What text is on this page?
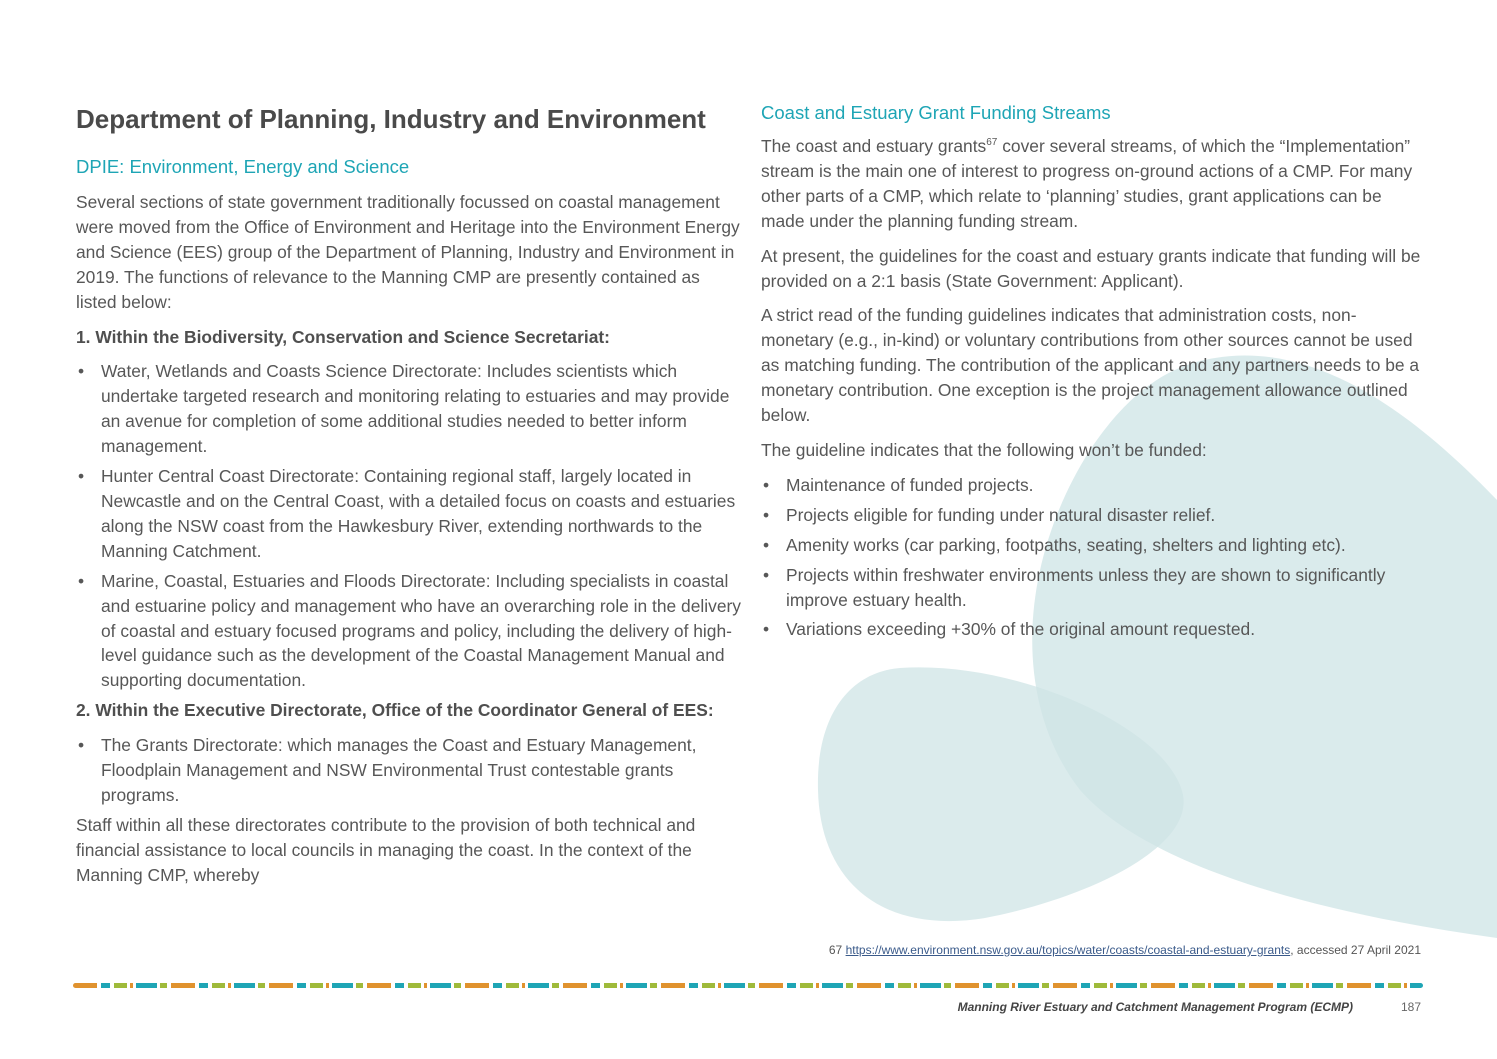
Department of Planning, Industry and Environment
DPIE: Environment, Energy and Science

Several sections of state government traditionally focussed on coastal management were moved from the Office of Environment and Heritage into the Environment Energy and Science (EES) group of the Department of Planning, Industry and Environment in 2019. The functions of relevance to the Manning CMP are presently contained as listed below:

1. Within the Biodiversity, Conservation and Science Secretariat:

• Water, Wetlands and Coasts Science Directorate: Includes scientists which undertake targeted research and monitoring relating to estuaries and may provide an avenue for completion of some additional studies needed to better inform management.
• Hunter Central Coast Directorate: Containing regional staff, largely located in Newcastle and on the Central Coast, with a detailed focus on coasts and estuaries along the NSW coast from the Hawkesbury River, extending northwards to the Manning Catchment.
• Marine, Coastal, Estuaries and Floods Directorate: Including specialists in coastal and estuarine policy and management who have an overarching role in the delivery of coastal and estuary focused programs and policy, including the delivery of high-level guidance such as the development of the Coastal Management Manual and supporting documentation.

2. Within the Executive Directorate, Office of the Coordinator General of EES:

• The Grants Directorate: which manages the Coast and Estuary Management, Floodplain Management and NSW Environmental Trust contestable grants programs.

Staff within all these directorates contribute to the provision of both technical and financial assistance to local councils in managing the coast. In the context of the Manning CMP, whereby

Coast and Estuary Grant Funding Streams

The coast and estuary grants$^{67}$ cover several streams, of which the “Implementation” stream is the main one of interest to progress on-ground actions of a CMP. For many other parts of a CMP, which relate to ‘planning’ studies, grant applications can be made under the planning funding stream.

At present, the guidelines for the coast and estuary grants indicate that funding will be provided on a 2:1 basis (State Government: Applicant).

A strict read of the funding guidelines indicates that administration costs, non-monetary (e.g., in-kind) or voluntary contributions from other sources cannot be used as matching funding. The contribution of the applicant and any partners needs to be a monetary contribution. One exception is the project management allowance outlined below.

The guideline indicates that the following won’t be funded:

• Maintenance of funded projects.
• Projects eligible for funding under natural disaster relief.
• Amenity works (car parking, footpaths, seating, shelters and lighting etc).
• Projects within freshwater environments unless they are shown to significantly improve estuary health.
• Variations exceeding +30% of the original amount requested.
67 https://www.environment.nsw.gov.au/topics/water/coasts/coastal-and-estuary-grants, accessed 27 April 2021
Manning River Estuary and Catchment Management Program (ECMP)	187
